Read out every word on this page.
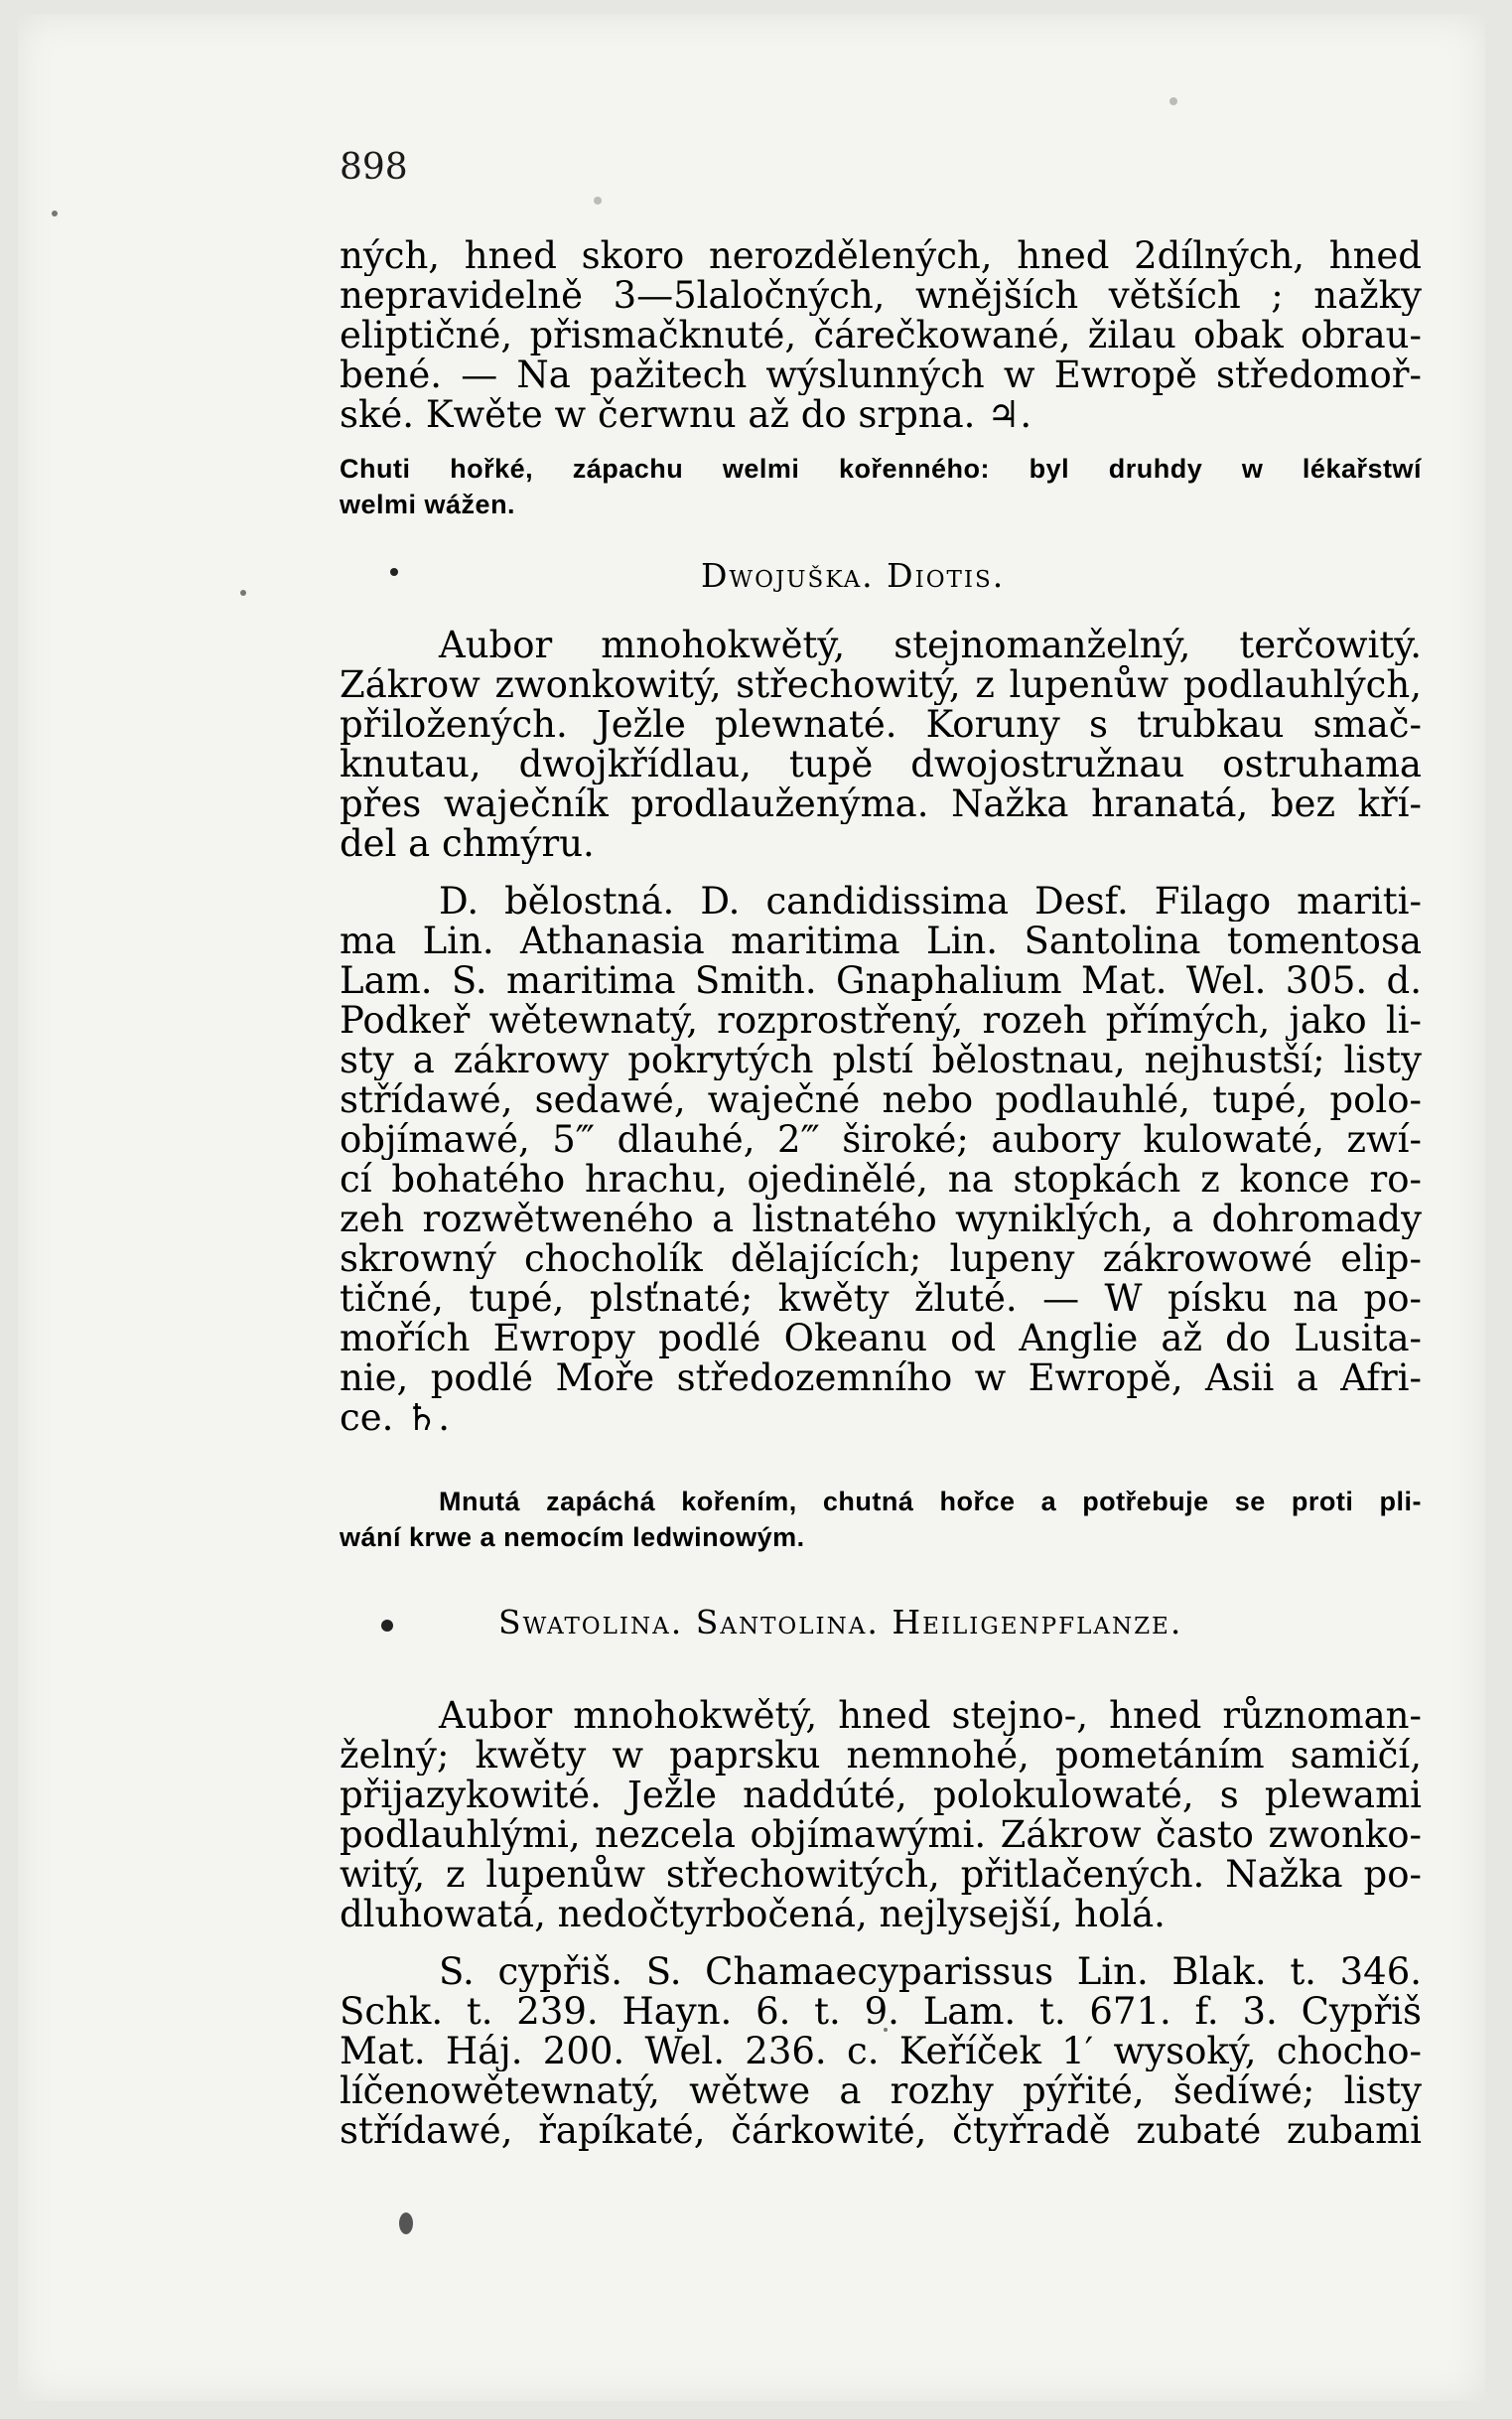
898
ných, hned skoro nerozdělených, hned 2dílných, hned
nepravidelně 3—5laločných, wnějších větších ; nažky
eliptičné, přismačknuté, čárečkowané, žilau obak obrau-
bené. — Na pažitech wýslunných w Ewropě středomoř-
ské. Kwěte w čerwnu až do srpna. ♃.
Chuti hořké, zápachu welmi kořenného: byl druhdy w lékařstwí
welmi wážen.
Dwojuška. Diotis.
Aubor mnohokwětý, stejnomanželný, terčowitý.
Zákrow zwonkowitý, střechowitý, z lupenůw podlauhlých,
přiložených. Ježle plewnaté. Koruny s trubkau smač-
knutau, dwojkřídlau, tupě dwojostružnau ostruhama
přes waječník prodlauženýma. Nažka hranatá, bez kří-
del a chmýru.
D. bělostná. D. candidissima Desf. Filago mariti-
ma Lin. Athanasia maritima Lin. Santolina tomentosa
Lam. S. maritima Smith. Gnaphalium Mat. Wel. 305. d.
Podkeř wětewnatý, rozprostřený, rozeh přímých, jako li-
sty a zákrowy pokrytých plstí bělostnau, nejhustší; listy
střídawé, sedawé, waječné nebo podlauhlé, tupé, polo-
objímawé, 5‴ dlauhé, 2‴ široké; aubory kulowaté, zwí-
cí bohatého hrachu, ojedinělé, na stopkách z konce ro-
zeh rozwětweného a listnatého wyniklých, a dohromady
skrowný chocholík dělajících; lupeny zákrowowé elip-
tičné, tupé, plsťnaté; kwěty žluté. — W písku na po-
mořích Ewropy podlé Okeanu od Anglie až do Lusita-
nie, podlé Moře středozemního w Ewropě, Asii a Afri-
ce. ♄.
Mnutá zapáchá kořením, chutná hořce a potřebuje se proti pli-
wání krwe a nemocím ledwinowým.
Swatolina. Santolina. Heiligenpflanze.
Aubor mnohokwětý, hned stejno-, hned různoman-
želný; kwěty w paprsku nemnohé, pometáním samičí,
přijazykowité. Ježle naddúté, polokulowaté, s plewami
podlauhlými, nezcela objímawými. Zákrow často zwonko-
witý, z lupenůw střechowitých, přitlačených. Nažka po-
dluhowatá, nedočtyrbočená, nejlysejší, holá.
S. cypřiš. S. Chamaecyparissus Lin. Blak. t. 346.
Schk. t. 239. Hayn. 6. t. 9. Lam. t. 671. f. 3. Cypřiš
Mat. Háj. 200. Wel. 236. c. Keříček 1′ wysoký, chocho-
líčenowětewnatý, wětwe a rozhy pýřité, šedíwé; listy
střídawé, řapíkaté, čárkowité, čtyřradě zubaté zubami
